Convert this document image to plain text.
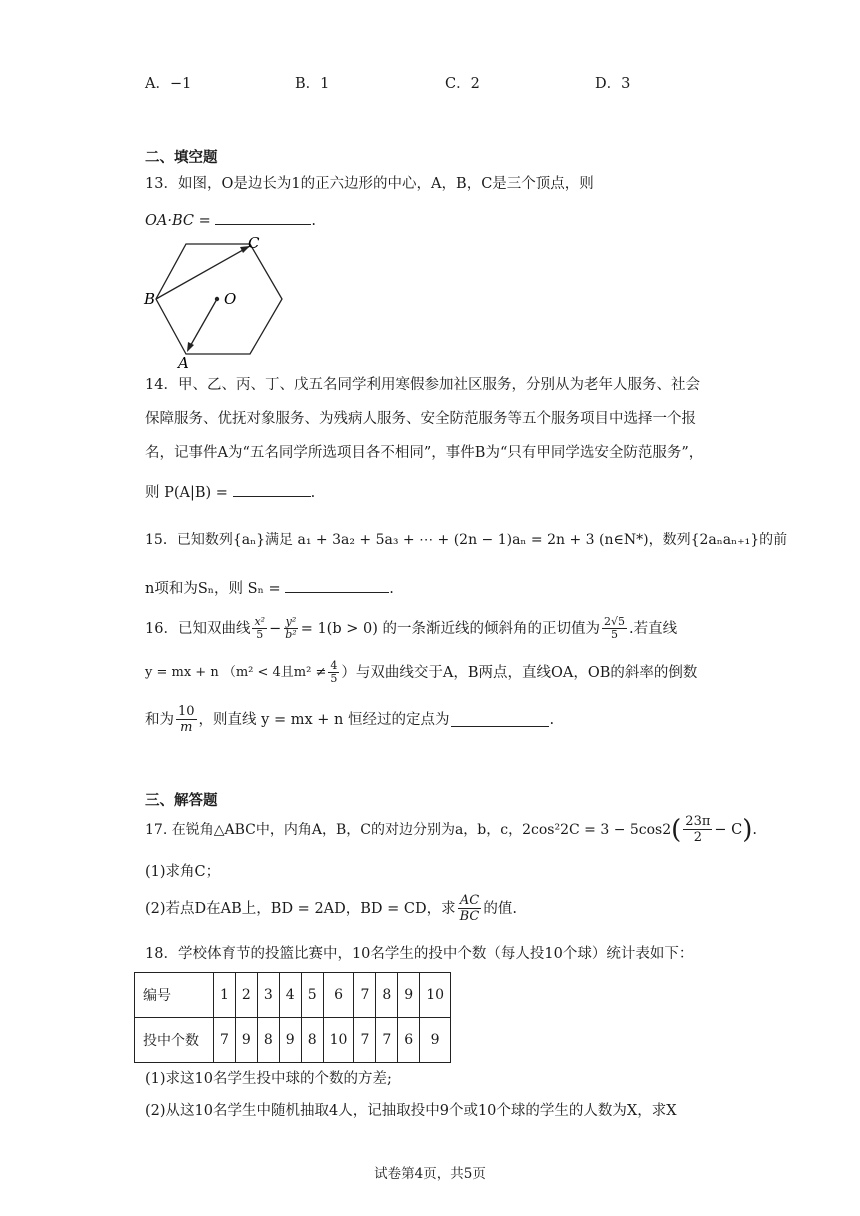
A．−1	B．1	C．2	D．3
二、填空题
13．如图，O是边长为1的正六边形的中心，A，B，C是三个顶点，则
OA·BC =	.
C
B	O
A
14．甲、乙、丙、丁、戊五名同学利用寒假参加社区服务，分别从为老年人服务、社会
保障服务、优抚对象服务、为残病人服务、安全防范服务等五个服务项目中选择一个报
名，记事件A为“五名同学所选项目各不相同”，事件B为“只有甲同学选安全防范服务”，
则 P(A|B) =	.
15．已知数列{aₙ}满足 a₁ + 3a₂ + 5a₃ + ⋯ + (2n − 1)aₙ = 2n + 3 (n∈N*)，数列{2aₙaₙ₊₁}的前
n项和为Sₙ，则 Sₙ =	.
16．已知双曲线 $\frac{\text{x²}}{5} - \frac{\text{y²}}{\text{b²}} = 1(b > 0)$ 的一条渐近线的倾斜角的正切值为 $\frac{2√5}{5}$ .若直线
y = mx + n （m² < 4且$m^2 \ne \frac{4}{5}$ ）与双曲线交于A，B两点，直线OA，OB的斜率的倒数
和为 $\frac{10}{m}$ ，则直线 y = mx + n 恒经过的定点为	.
三、解答题
17. 在锐角△ABC中，内角A，B，C的对边分别为a，b，c，2cos²2C = 3 − 5cos2 ( $\frac{23\pi}{2} - C$ ) .
(1)求角C；
(2)若点D在AB上，BD = 2AD，BD = CD，求 $\frac{AC}{BC}$ 的值.
18．学校体育节的投篮比赛中，10名学生的投中个数（每人投10个球）统计表如下：
编号	1	2	3	4	5	6	7	8	9	10
投中个数	7	9	8	9	8	10	7	7	6	9
(1)求这10名学生投中球的个数的方差;
(2)从这10名学生中随机抽取4人，记抽取投中9个或10个球的学生的人数为X，求X
试卷第4页，共5页
